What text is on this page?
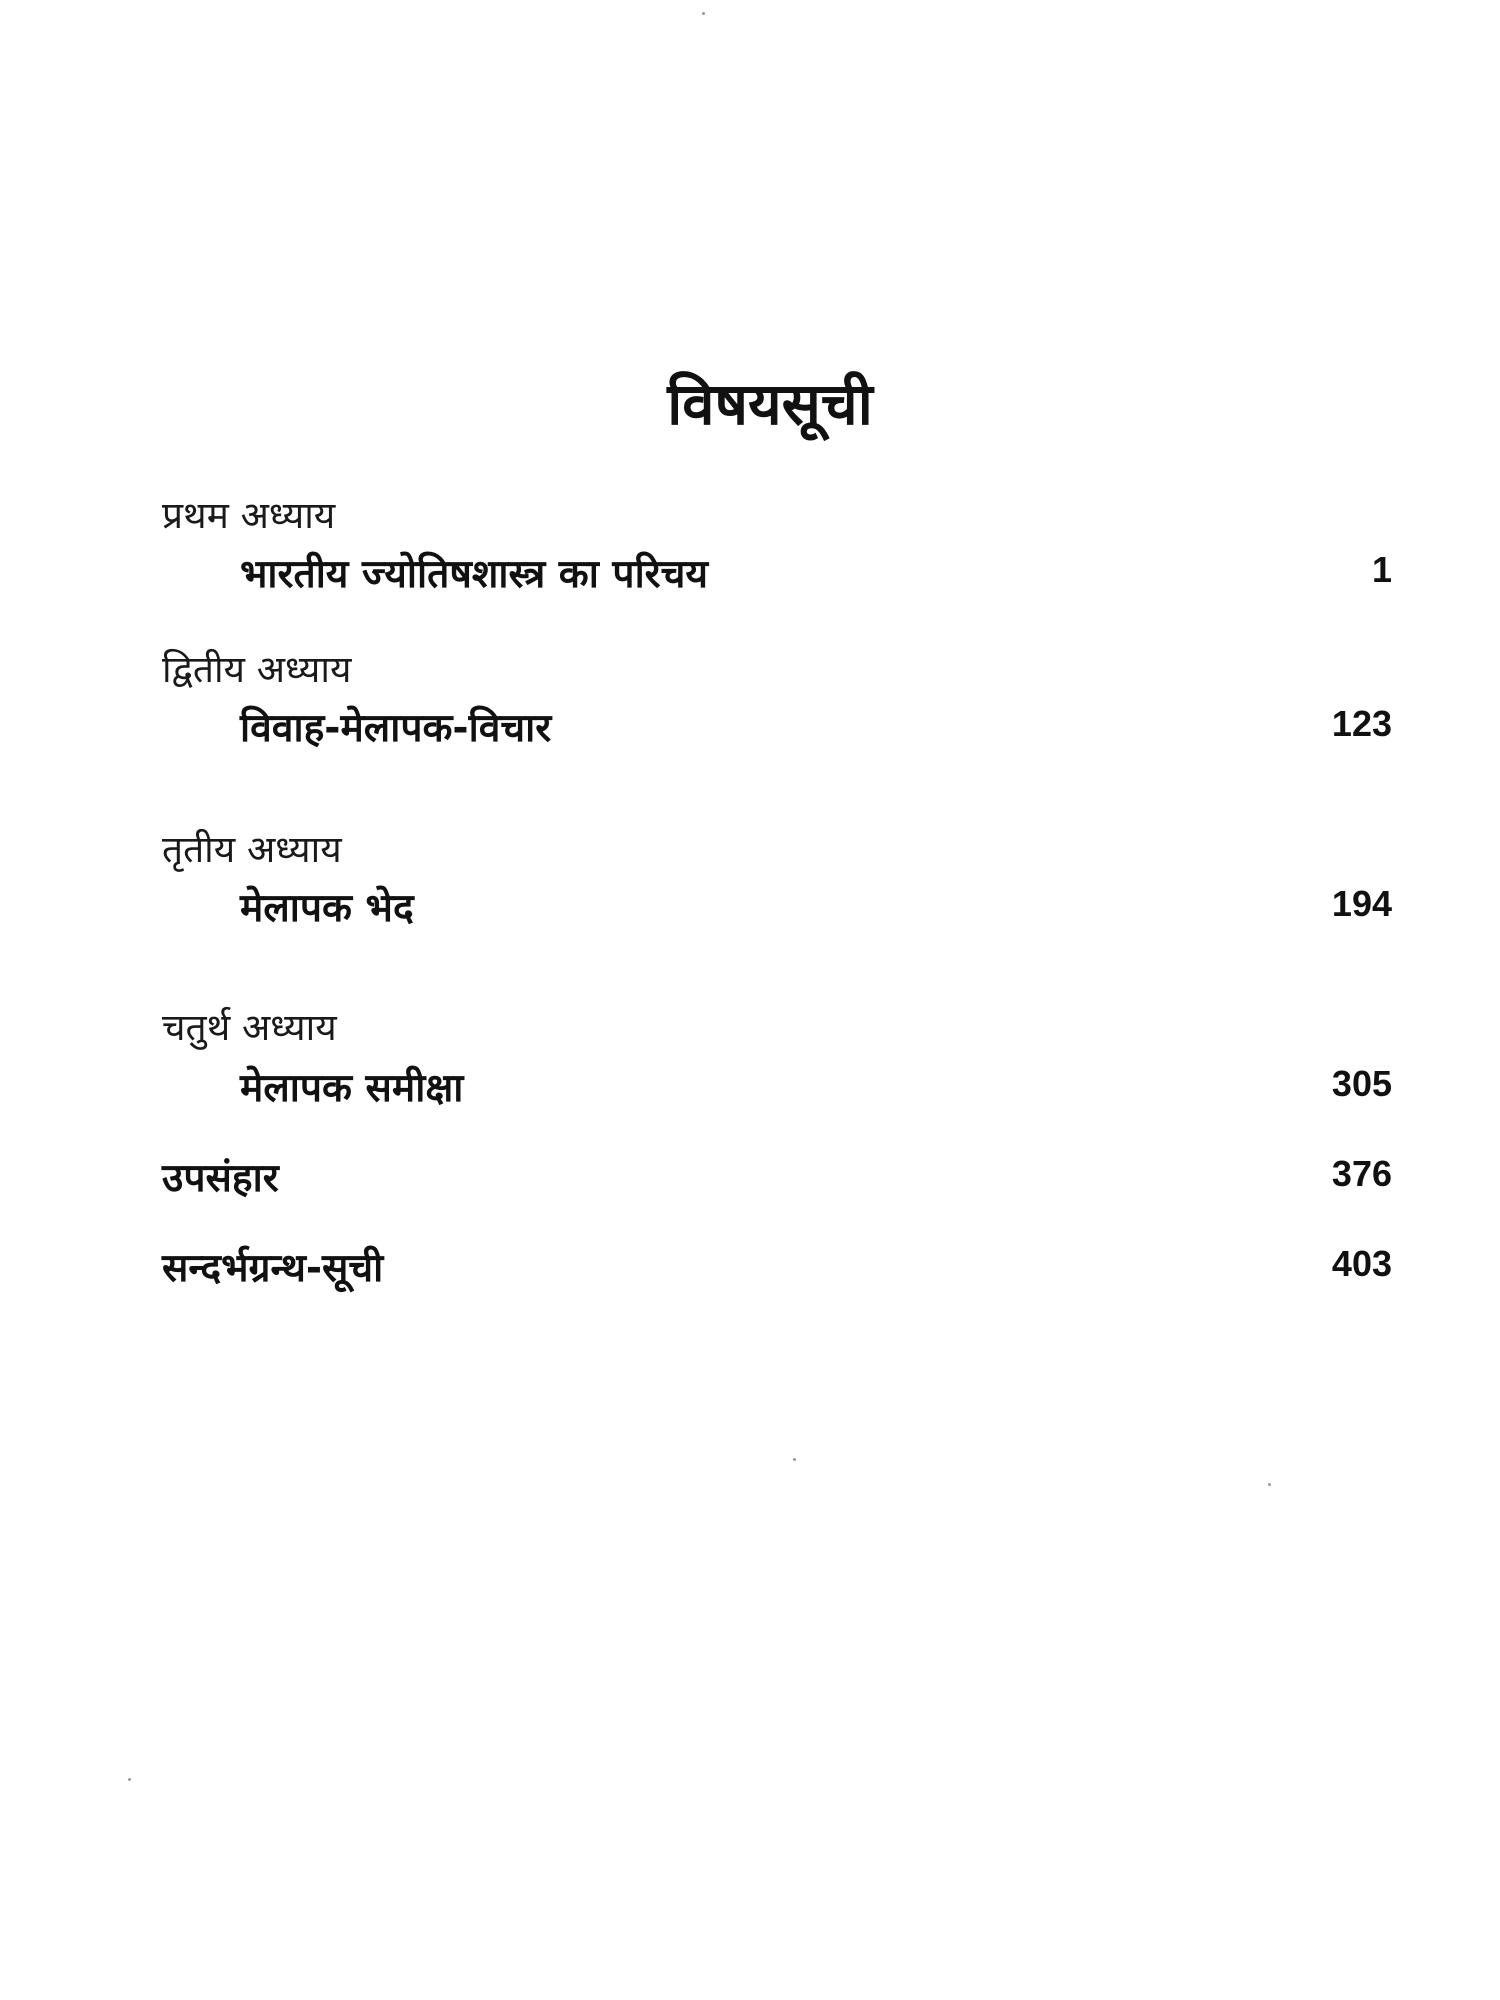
विषयसूची
प्रथम अध्याय
भारतीय ज्योतिषशास्त्र का परिचय	1
द्वितीय अध्याय
विवाह-मेलापक-विचार	123
तृतीय अध्याय
मेलापक भेद	194
चतुर्थ अध्याय
मेलापक समीक्षा	305
उपसंहार	376
सन्दर्भग्रन्थ-सूची	403
